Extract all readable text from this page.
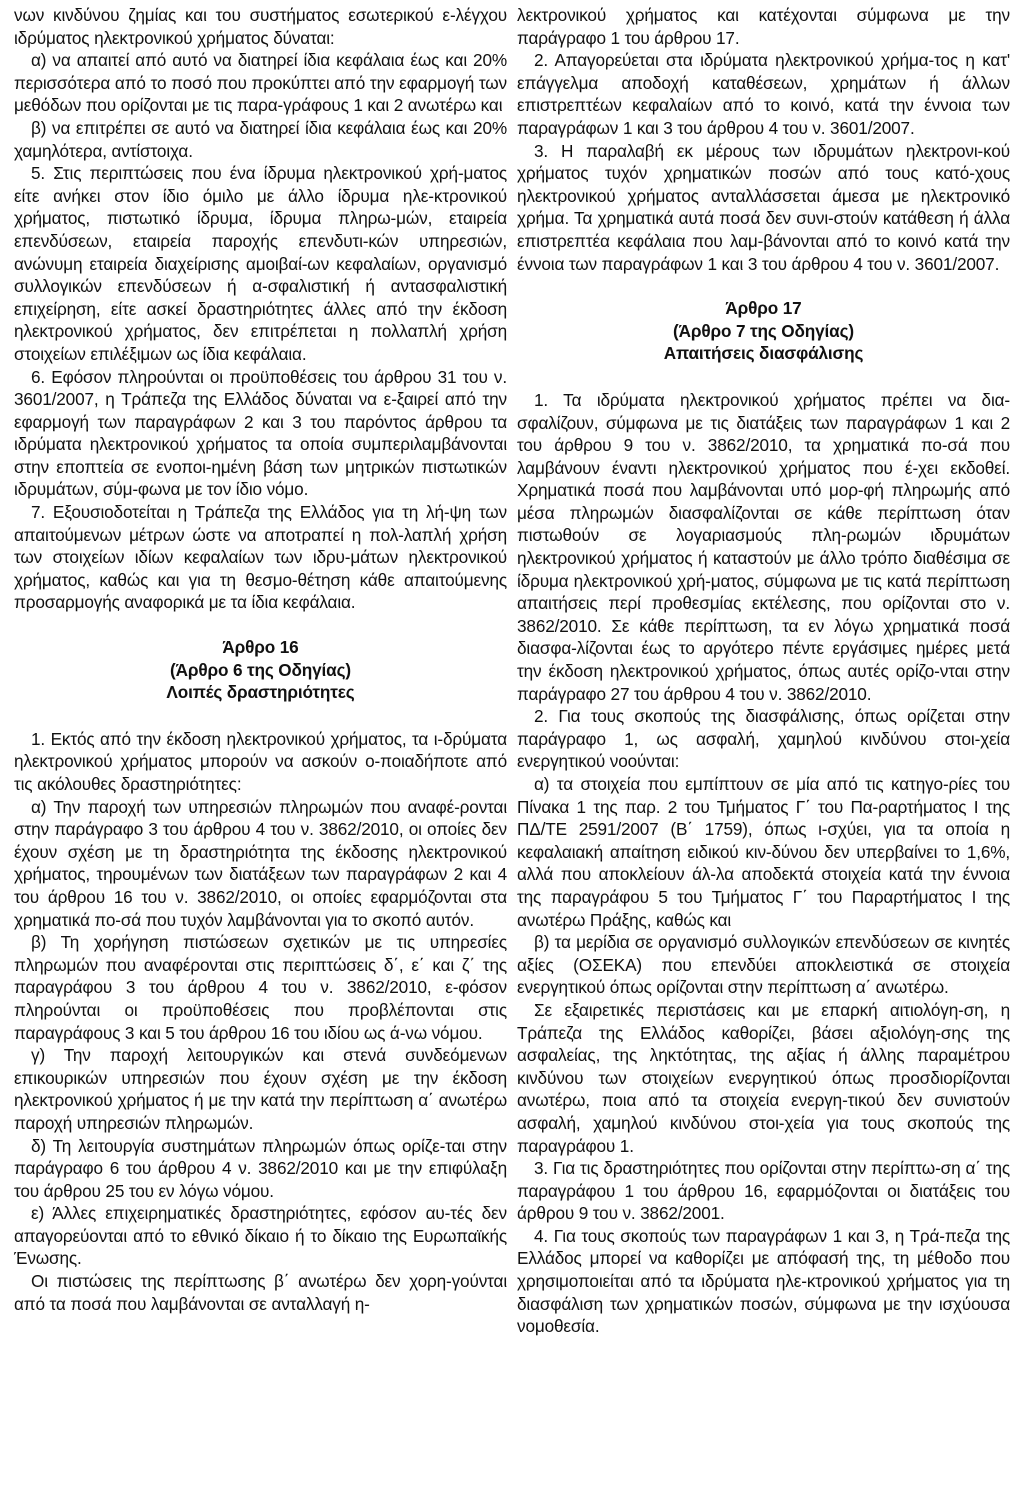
νων κινδύνου ζημίας και του συστήματος εσωτερικού ε-λέγχου ιδρύματος ηλεκτρονικού χρήματος δύναται:

α) να απαιτεί από αυτό να διατηρεί ίδια κεφάλαια έως και 20% περισσότερα από το ποσό που προκύπτει από την εφαρμογή των μεθόδων που ορίζονται με τις παρα-γράφους 1 και 2 ανωτέρω και

β) να επιτρέπει σε αυτό να διατηρεί ίδια κεφάλαια έως και 20% χαμηλότερα, αντίστοιχα.

5. Στις περιπτώσεις που ένα ίδρυμα ηλεκτρονικού χρή-ματος είτε ανήκει στον ίδιο όμιλο με άλλο ίδρυμα ηλε-κτρονικού χρήματος, πιστωτικό ίδρυμα, ίδρυμα πληρω-μών, εταιρεία επενδύσεων, εταιρεία παροχής επενδυτι-κών υπηρεσιών, ανώνυμη εταιρεία διαχείρισης αμοιβαί-ων κεφαλαίων, οργανισμό συλλογικών επενδύσεων ή α-σφαλιστική ή αντασφαλιστική επιχείρηση, είτε ασκεί δραστηριότητες άλλες από την έκδοση ηλεκτρονικού χρήματος, δεν επιτρέπεται η πολλαπλή χρήση στοιχείων επιλέξιμων ως ίδια κεφάλαια.

6. Εφόσον πληρούνται οι προϋποθέσεις του άρθρου 31 του ν. 3601/2007, η Τράπεζα της Ελλάδος δύναται να ε-ξαιρεί από την εφαρμογή των παραγράφων 2 και 3 του παρόντος άρθρου τα ιδρύματα ηλεκτρονικού χρήματος τα οποία συμπεριλαμβάνονται στην εποπτεία σε ενοποι-ημένη βάση των μητρικών πιστωτικών ιδρυμάτων, σύμ-φωνα με τον ίδιο νόμο.

7. Εξουσιοδοτείται η Τράπεζα της Ελλάδος για τη λή-ψη των απαιτούμενων μέτρων ώστε να αποτραπεί η πολ-λαπλή χρήση των στοιχείων ιδίων κεφαλαίων των ιδρυ-μάτων ηλεκτρονικού χρήματος, καθώς και για τη θεσμο-θέτηση κάθε απαιτούμενης προσαρμογής αναφορικά με τα ίδια κεφάλαια.

Άρθρο 16
(Άρθρο 6 της Οδηγίας)
Λοιπές δραστηριότητες

1. Εκτός από την έκδοση ηλεκτρονικού χρήματος, τα ι-δρύματα ηλεκτρονικού χρήματος μπορούν να ασκούν ο-ποιαδήποτε από τις ακόλουθες δραστηριότητες:

α) Την παροχή των υπηρεσιών πληρωμών που αναφέ-ρονται στην παράγραφο 3 του άρθρου 4 του ν. 3862/2010, οι οποίες δεν έχουν σχέση με τη δραστηριότητα της έκδοσης ηλεκτρονικού χρήματος, τηρουμένων των διατάξεων των παραγράφων 2 και 4 του άρθρου 16 του ν. 3862/2010, οι οποίες εφαρμόζονται στα χρηματικά πο-σά που τυχόν λαμβάνονται για το σκοπό αυτόν.

β) Τη χορήγηση πιστώσεων σχετικών με τις υπηρεσίες πληρωμών που αναφέρονται στις περιπτώσεις δ΄, ε΄ και ζ΄ της παραγράφου 3 του άρθρου 4 του ν. 3862/2010, ε-φόσον πληρούνται οι προϋποθέσεις που προβλέπονται στις παραγράφους 3 και 5 του άρθρου 16 του ιδίου ως ά-νω νόμου.

γ) Την παροχή λειτουργικών και στενά συνδεόμενων επικουρικών υπηρεσιών που έχουν σχέση με την έκδοση ηλεκτρονικού χρήματος ή με την κατά την περίπτωση α΄ ανωτέρω παροχή υπηρεσιών πληρωμών.

δ) Τη λειτουργία συστημάτων πληρωμών όπως ορίζε-ται στην παράγραφο 6 του άρθρου 4 ν. 3862/2010 και με την επιφύλαξη του άρθρου 25 του εν λόγω νόμου.

ε) Άλλες επιχειρηματικές δραστηριότητες, εφόσον αυ-τές δεν απαγορεύονται από το εθνικό δίκαιο ή το δίκαιο της Ευρωπαϊκής Ένωσης.

Οι πιστώσεις της περίπτωσης β΄ ανωτέρω δεν χορη-γούνται από τα ποσά που λαμβάνονται σε ανταλλαγή η-

λεκτρονικού χρήματος και κατέχονται σύμφωνα με την παράγραφο 1 του άρθρου 17.

2. Απαγορεύεται στα ιδρύματα ηλεκτρονικού χρήμα-τος η κατ' επάγγελμα αποδοχή καταθέσεων, χρημάτων ή άλλων επιστρεπτέων κεφαλαίων από το κοινό, κατά την έννοια των παραγράφων 1 και 3 του άρθρου 4 του ν. 3601/2007.

3. Η παραλαβή εκ μέρους των ιδρυμάτων ηλεκτρονι-κού χρήματος τυχόν χρηματικών ποσών από τους κατό-χους ηλεκτρονικού χρήματος ανταλλάσσεται άμεσα με ηλεκτρονικό χρήμα. Τα χρηματικά αυτά ποσά δεν συνι-στούν κατάθεση ή άλλα επιστρεπτέα κεφάλαια που λαμ-βάνονται από το κοινό κατά την έννοια των παραγράφων 1 και 3 του άρθρου 4 του ν. 3601/2007.

Άρθρο 17
(Άρθρο 7 της Οδηγίας)
Απαιτήσεις διασφάλισης

1. Τα ιδρύματα ηλεκτρονικού χρήματος πρέπει να δια-σφαλίζουν, σύμφωνα με τις διατάξεις των παραγράφων 1 και 2 του άρθρου 9 του ν. 3862/2010, τα χρηματικά πο-σά που λαμβάνουν έναντι ηλεκτρονικού χρήματος που έ-χει εκδοθεί. Χρηματικά ποσά που λαμβάνονται υπό μορ-φή πληρωμής από μέσα πληρωμών διασφαλίζονται σε κάθε περίπτωση όταν πιστωθούν σε λογαριασμούς πλη-ρωμών ιδρυμάτων ηλεκτρονικού χρήματος ή καταστούν με άλλο τρόπο διαθέσιμα σε ίδρυμα ηλεκτρονικού χρή-ματος, σύμφωνα με τις κατά περίπτωση απαιτήσεις περί προθεσμίας εκτέλεσης, που ορίζονται στο ν. 3862/2010. Σε κάθε περίπτωση, τα εν λόγω χρηματικά ποσά διασφα-λίζονται έως το αργότερο πέντε εργάσιμες ημέρες μετά την έκδοση ηλεκτρονικού χρήματος, όπως αυτές ορίζο-νται στην παράγραφο 27 του άρθρου 4 του ν. 3862/2010.

2. Για τους σκοπούς της διασφάλισης, όπως ορίζεται στην παράγραφο 1, ως ασφαλή, χαμηλού κινδύνου στοι-χεία ενεργητικού νοούνται:

α) τα στοιχεία που εμπίπτουν σε μία από τις κατηγο-ρίες του Πίνακα 1 της παρ. 2 του Τμήματος Γ΄ του Πα-ραρτήματος Ι της ΠΔ/ΤΕ 2591/2007 (Β΄ 1759), όπως ι-σχύει, για τα οποία η κεφαλαιακή απαίτηση ειδικού κιν-δύνου δεν υπερβαίνει το 1,6%, αλλά που αποκλείουν άλ-λα αποδεκτά στοιχεία κατά την έννοια της παραγράφου 5 του Τμήματος Γ΄ του Παραρτήματος Ι της ανωτέρω Πράξης, καθώς και

β) τα μερίδια σε οργανισμό συλλογικών επενδύσεων σε κινητές αξίες (ΟΣΕΚΑ) που επενδύει αποκλειστικά σε στοιχεία ενεργητικού όπως ορίζονται στην περίπτωση α΄ ανωτέρω.

Σε εξαιρετικές περιστάσεις και με επαρκή αιτιολόγη-ση, η Τράπεζα της Ελλάδος καθορίζει, βάσει αξιολόγη-σης της ασφαλείας, της ληκτότητας, της αξίας ή άλλης παραμέτρου κινδύνου των στοιχείων ενεργητικού όπως προσδιορίζονται ανωτέρω, ποια από τα στοιχεία ενεργη-τικού δεν συνιστούν ασφαλή, χαμηλού κινδύνου στοι-χεία για τους σκοπούς της παραγράφου 1.

3. Για τις δραστηριότητες που ορίζονται στην περίπτω-ση α΄ της παραγράφου 1 του άρθρου 16, εφαρμόζονται οι διατάξεις του άρθρου 9 του ν. 3862/2001.

4. Για τους σκοπούς των παραγράφων 1 και 3, η Τρά-πεζα της Ελλάδος μπορεί να καθορίζει με απόφασή της, τη μέθοδο που χρησιμοποιείται από τα ιδρύματα ηλε-κτρονικού χρήματος για τη διασφάλιση των χρηματικών ποσών, σύμφωνα με την ισχύουσα νομοθεσία.
